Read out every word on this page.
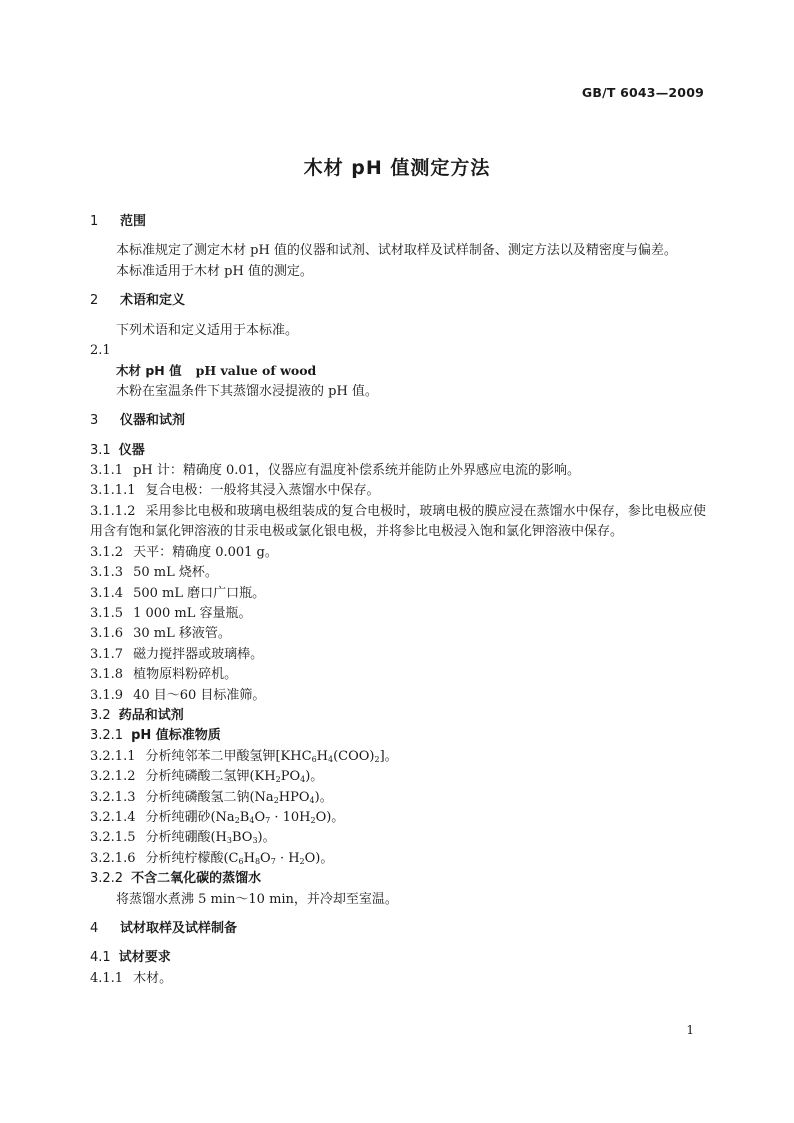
GB/T 6043—2009
木材 pH 值测定方法
1 范围
本标准规定了测定木材 pH 值的仪器和试剂、试材取样及试样制备、测定方法以及精密度与偏差。
本标准适用于木材 pH 值的测定。
2 术语和定义
下列术语和定义适用于本标准。
2.1
木材 pH 值 pH value of wood
木粉在室温条件下其蒸馏水浸提液的 pH 值。
3 仪器和试剂
3.1 仪器
3.1.1 pH 计：精确度 0.01，仪器应有温度补偿系统并能防止外界感应电流的影响。
3.1.1.1 复合电极：一般将其浸入蒸馏水中保存。
3.1.1.2 采用参比电极和玻璃电极组装成的复合电极时，玻璃电极的膜应浸在蒸馏水中保存，参比电极应使用含有饱和氯化钾溶液的甘汞电极或氯化银电极，并将参比电极浸入饱和氯化钾溶液中保存。
3.1.2 天平：精确度 0.001 g。
3.1.3 50 mL 烧杯。
3.1.4 500 mL 磨口广口瓶。
3.1.5 1 000 mL 容量瓶。
3.1.6 30 mL 移液管。
3.1.7 磁力搅拌器或玻璃棒。
3.1.8 植物原料粉碎机。
3.1.9 40 目～60 目标准筛。
3.2 药品和试剂
3.2.1 pH 值标准物质
3.2.1.1 分析纯邻苯二甲酸氢钾$[KHC_6H_4(COO)_2]$。
3.2.1.2 分析纯磷酸二氢钾$(KH_2PO_4)$。
3.2.1.3 分析纯磷酸氢二钠$(Na_2HPO_4)$。
3.2.1.4 分析纯硼砂$(Na_2B_4O_7 \cdot 10H_2O)$。
3.2.1.5 分析纯硼酸$(H_3BO_3)$。
3.2.1.6 分析纯柠檬酸$(C_6H_8O_7 \cdot H_2O)$。
3.2.2 不含二氧化碳的蒸馏水
将蒸馏水煮沸 5 min～10 min，并冷却至室温。
4 试材取样及试样制备
4.1 试材要求
4.1.1 木材。
1
